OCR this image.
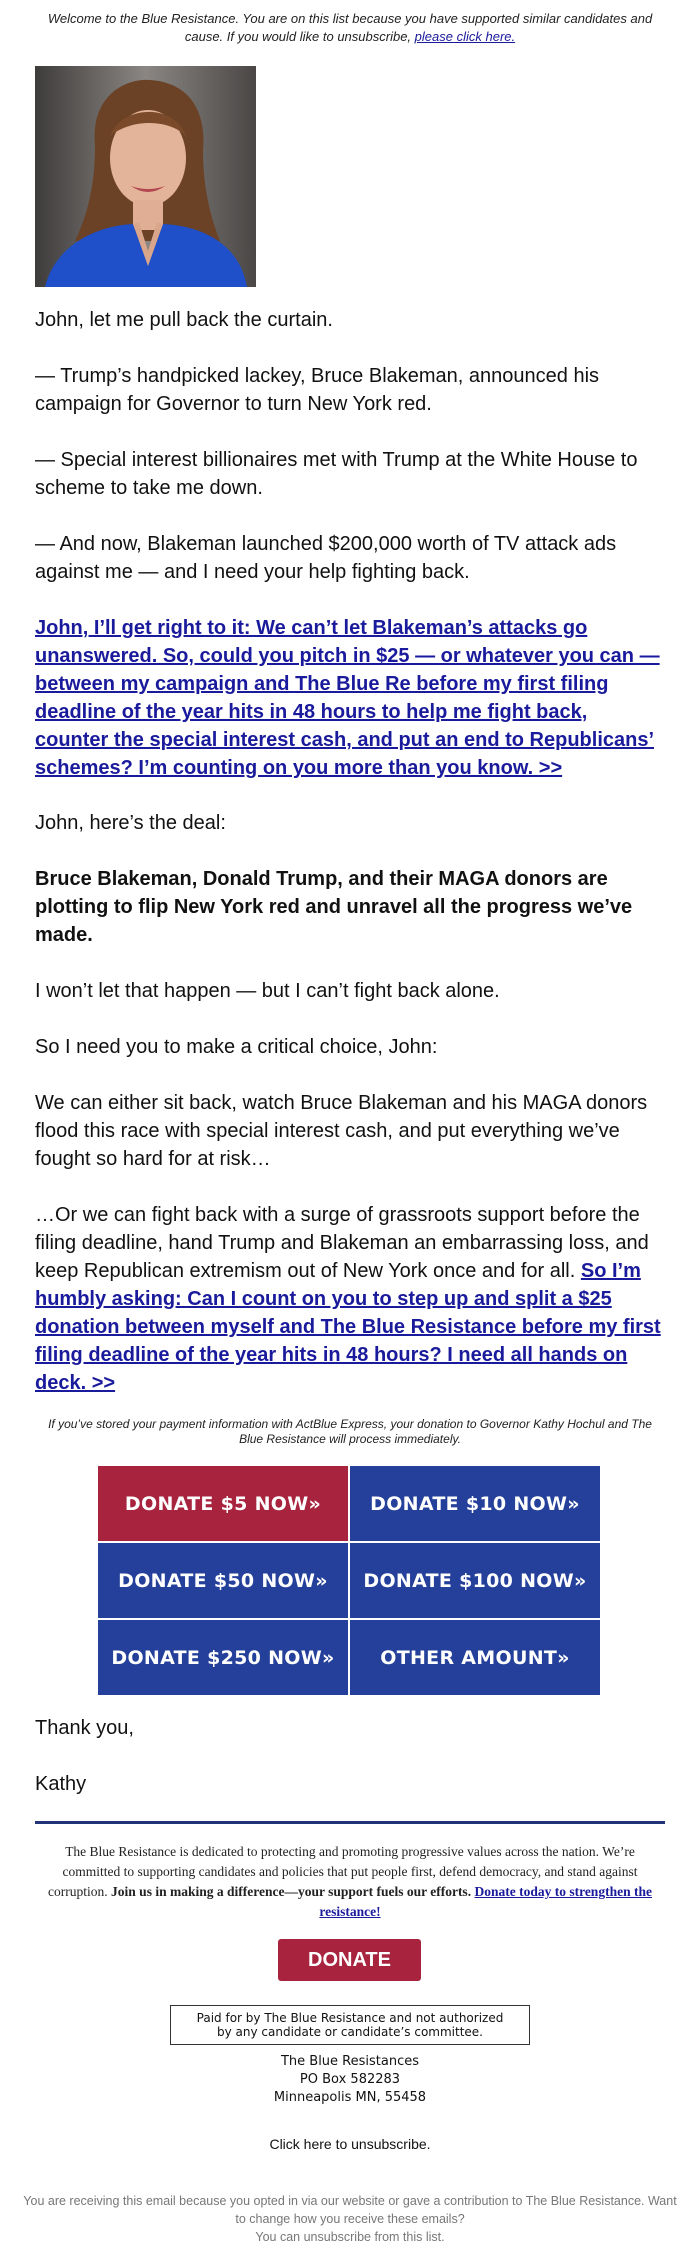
Welcome to the Blue Resistance. You are on this list because you have supported similar candidates and cause. If you would like to unsubscribe, please click here.

John, let me pull back the curtain.

— Trump’s handpicked lackey, Bruce Blakeman, announced his campaign for Governor to turn New York red.

— Special interest billionaires met with Trump at the White House to scheme to take me down.

— And now, Blakeman launched $200,000 worth of TV attack ads against me — and I need your help fighting back.

John, I’ll get right to it: We can’t let Blakeman’s attacks go unanswered. So, could you pitch in $25 — or whatever you can — between my campaign and The Blue Re before my first filing deadline of the year hits in 48 hours to help me fight back, counter the special interest cash, and put an end to Republicans’ schemes? I’m counting on you more than you know. >>

John, here’s the deal:

Bruce Blakeman, Donald Trump, and their MAGA donors are plotting to flip New York red and unravel all the progress we’ve made.

I won’t let that happen — but I can’t fight back alone.

So I need you to make a critical choice, John:

We can either sit back, watch Bruce Blakeman and his MAGA donors flood this race with special interest cash, and put everything we’ve fought so hard for at risk…

…Or we can fight back with a surge of grassroots support before the filing deadline, hand Trump and Blakeman an embarrassing loss, and keep Republican extremism out of New York once and for all. So I’m humbly asking: Can I count on you to step up and split a $25 donation between myself and The Blue Resistance before my first filing deadline of the year hits in 48 hours? I need all hands on deck. >>

If you’ve stored your payment information with ActBlue Express, your donation to Governor Kathy Hochul and The Blue Resistance will process immediately.
DONATE $5 NOW»	DONATE $10 NOW»
DONATE $50 NOW»	DONATE $100 NOW»
DONATE $250 NOW»	OTHER AMOUNT»

Thank you,

Kathy

The Blue Resistance is dedicated to protecting and promoting progressive values across the nation. We’re committed to supporting candidates and policies that put people first, defend democracy, and stand against corruption. Join us in making a difference—your support fuels our efforts. Donate today to strengthen the resistance!
DONATE
Paid for by The Blue Resistance and not authorized by any candidate or candidate’s committee.
The Blue Resistances
PO Box 582283
Minneapolis MN, 55458
Click here to unsubscribe.
You are receiving this email because you opted in via our website or gave a contribution to The Blue Resistance. Want to change how you receive these emails?
You can unsubscribe from this list.
